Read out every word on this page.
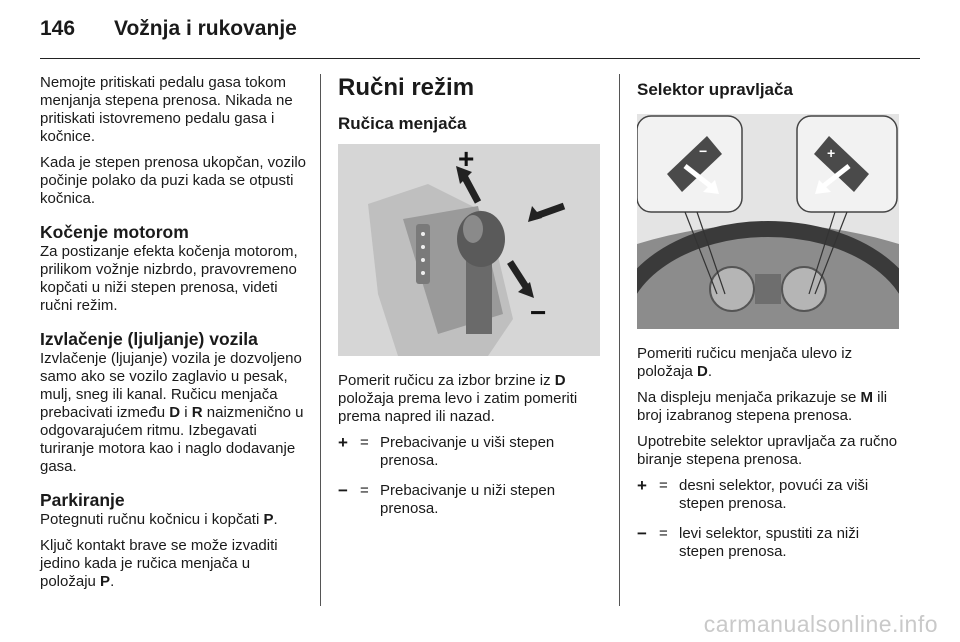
146	Vožnja i rukovanje

Nemojte pritiskati pedalu gasa tokom menjanja stepena prenosa. Nikada ne pritiskati istovremeno pedalu gasa i kočnice.

Kada je stepen prenosa ukopčan, vozilo počinje polako da puzi kada se otpusti kočnica.

Kočenje motorom

Za postizanje efekta kočenja motorom, prilikom vožnje nizbrdo, pravovremeno kopčati u niži stepen prenosa, videti ručni režim.

Izvlačenje (ljuljanje) vozila

Izvlačenje (ljujanje) vozila je dozvoljeno samo ako se vozilo zaglavio u pesak, mulj, sneg ili kanal. Ručicu menjača prebacivati između D i R naizmenično u odgovarajućem ritmu. Izbegavati turiranje motora kao i naglo dodavanje gasa.

Parkiranje

Potegnuti ručnu kočnicu i kopčati P.

Ključ kontakt brave se može izvaditi jedino kada je ručica menjača u položaju P.

Ručni režim
Ručica menjača
+
−

Pomerit ručicu za izbor brzine iz D položaja prema levo i zatim pomeriti prema napred ili nazad.

+ = Prebacivanje u viši stepen prenosa.
− = Prebacivanje u niži stepen prenosa.
Selektor upravljača
−	+

Pomeriti ručicu menjača ulevo iz položaja D.

Na displeju menjača prikazuje se M ili broj izabranog stepena prenosa.

Upotrebite selektor upravljača za ručno biranje stepena prenosa.

+ = desni selektor, povući za viši stepen prenosa.
− = levi selektor, spustiti za niži stepen prenosa.
carmanualsonline.info
